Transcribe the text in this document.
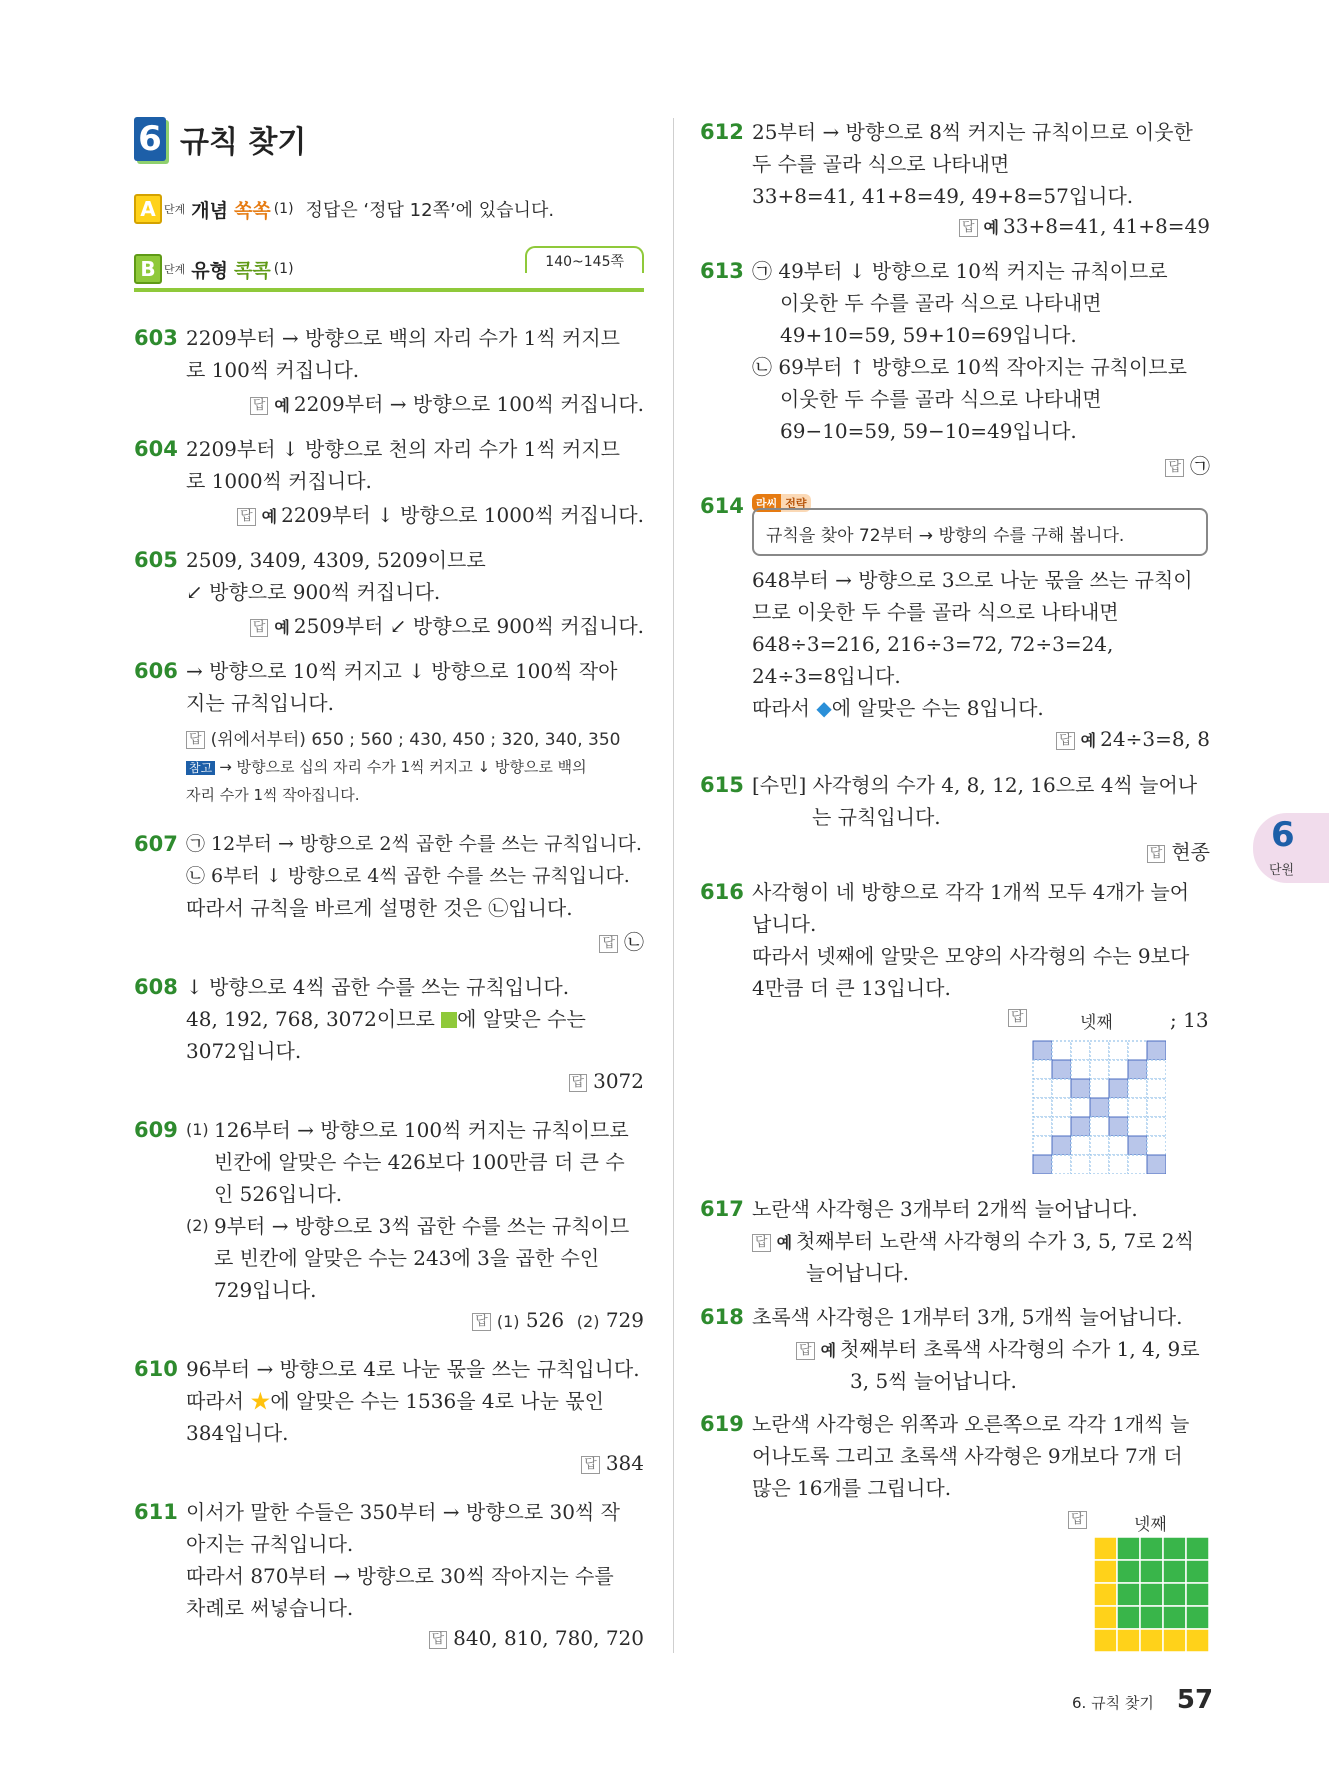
6 규칙 찾기
A 단계 개념 쏙쏙 (1) 정답은 ‘정답 12쪽’에 있습니다.
B 단계 유형 콕콕 (1)	140~145쪽
603 2209부터 → 방향으로 백의 자리 수가 1씩 커지므
로 100씩 커집니다.
답 예 2209부터 → 방향으로 100씩 커집니다.
604 2209부터 ↓ 방향으로 천의 자리 수가 1씩 커지므
로 1000씩 커집니다.
답 예 2209부터 ↓ 방향으로 1000씩 커집니다.
605 2509, 3409, 4309, 5209이므로
↙ 방향으로 900씩 커집니다.
답 예 2509부터 ↙ 방향으로 900씩 커집니다.
606 → 방향으로 10씩 커지고 ↓ 방향으로 100씩 작아
지는 규칙입니다.
답 (위에서부터) 650 ; 560 ; 430, 450 ; 320, 340, 350
참고 → 방향으로 십의 자리 수가 1씩 커지고 ↓ 방향으로 백의
자리 수가 1씩 작아집니다.
607 ㉠ 12부터 → 방향으로 2씩 곱한 수를 쓰는 규칙입니다.
㉡ 6부터 ↓ 방향으로 4씩 곱한 수를 쓰는 규칙입니다.
따라서 규칙을 바르게 설명한 것은 ㉡입니다.
답 ㉡
608 ↓ 방향으로 4씩 곱한 수를 쓰는 규칙입니다.
48, 192, 768, 3072이므로 에 알맞은 수는
3072입니다.
답 3072
609 (1) 126부터 → 방향으로 100씩 커지는 규칙이므로
빈칸에 알맞은 수는 426보다 100만큼 더 큰 수
인 526입니다.
(2) 9부터 → 방향으로 3씩 곱한 수를 쓰는 규칙이므
로 빈칸에 알맞은 수는 243에 3을 곱한 수인
729입니다.
답 (1) 526 (2) 729
610 96부터 → 방향으로 4로 나눈 몫을 쓰는 규칙입니다.
따라서 ★에 알맞은 수는 1536을 4로 나눈 몫인
384입니다.
답 384
611 이서가 말한 수들은 350부터 → 방향으로 30씩 작
아지는 규칙입니다.
따라서 870부터 → 방향으로 30씩 작아지는 수를
차례로 써넣습니다.
답 840, 810, 780, 720
612 25부터 → 방향으로 8씩 커지는 규칙이므로 이웃한
두 수를 골라 식으로 나타내면
33+8=41, 41+8=49, 49+8=57입니다.
답 예 33+8=41, 41+8=49
613 ㉠ 49부터 ↓ 방향으로 10씩 커지는 규칙이므로
이웃한 두 수를 골라 식으로 나타내면
49+10=59, 59+10=69입니다.
㉡ 69부터 ↑ 방향으로 10씩 작아지는 규칙이므로
이웃한 두 수를 골라 식으로 나타내면
69−10=59, 59−10=49입니다.
답 ㉠
614	라씨 전략
규칙을 찾아 72부터 → 방향의 수를 구해 봅니다.
648부터 → 방향으로 3으로 나눈 몫을 쓰는 규칙이
므로 이웃한 두 수를 골라 식으로 나타내면
648÷3=216, 216÷3=72, 72÷3=24,
24÷3=8입니다.
따라서 ◆에 알맞은 수는 8입니다.
답 예 24÷3=8, 8
615 [수민] 사각형의 수가 4, 8, 12, 16으로 4씩 늘어나
는 규칙입니다.
답 현종
616 사각형이 네 방향으로 각각 1개씩 모두 4개가 늘어
납니다.
따라서 넷째에 알맞은 모양의 사각형의 수는 9보다
4만큼 더 큰 13입니다.
답	넷째	; 13
617 노란색 사각형은 3개부터 2개씩 늘어납니다.
답 예 첫째부터 노란색 사각형의 수가 3, 5, 7로 2씩
늘어납니다.
618 초록색 사각형은 1개부터 3개, 5개씩 늘어납니다.
답 예 첫째부터 초록색 사각형의 수가 1, 4, 9로
3, 5씩 늘어납니다.
619 노란색 사각형은 위쪽과 오른쪽으로 각각 1개씩 늘
어나도록 그리고 초록색 사각형은 9개보다 7개 더
많은 16개를 그립니다.
답	넷째
6
단원
6. 규칙 찾기 57
